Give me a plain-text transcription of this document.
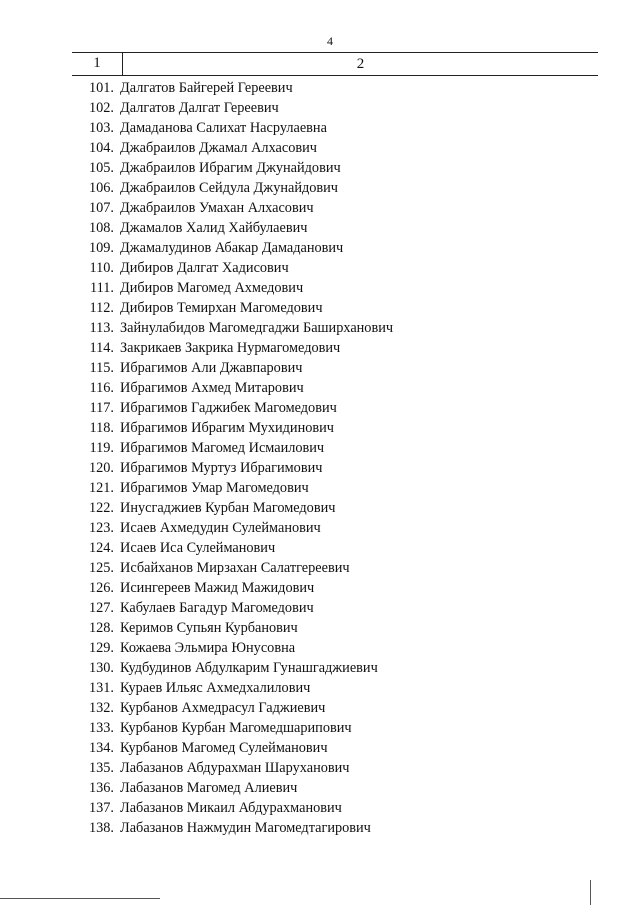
4
1	2
101. Далгатов Байгерей Гереевич
102. Далгатов Далгат Гереевич
103. Дамаданова Салихат Насрулаевна
104. Джабраилов Джамал Алхасович
105. Джабраилов Ибрагим Джунайдович
106. Джабраилов Сейдула Джунайдович
107. Джабраилов Умахан Алхасович
108. Джамалов Халид Хайбулаевич
109. Джамалудинов Абакар Дамаданович
110. Дибиров Далгат Хадисович
111. Дибиров Магомед Ахмедович
112. Дибиров Темирхан Магомедович
113. Зайнулабидов Магомедгаджи Баширханович
114. Закрикаев Закрика Нурмагомедович
115. Ибрагимов Али Джавпарович
116. Ибрагимов Ахмед Митарович
117. Ибрагимов Гаджибек Магомедович
118. Ибрагимов Ибрагим Мухидинович
119. Ибрагимов Магомед Исмаилович
120. Ибрагимов Муртуз Ибрагимович
121. Ибрагимов Умар Магомедович
122. Инусгаджиев Курбан Магомедович
123. Исаев Ахмедудин Сулейманович
124. Исаев Иса Сулейманович
125. Исбайханов Мирзахан Салатгереевич
126. Исингереев Мажид Мажидович
127. Кабулаев Багадур Магомедович
128. Керимов Супьян Курбанович
129. Кожаева Эльмира Юнусовна
130. Кудбудинов Абдулкарим Гунашгаджиевич
131. Кураев Ильяс Ахмедхалилович
132. Курбанов Ахмедрасул Гаджиевич
133. Курбанов Курбан Магомедшарипович
134. Курбанов Магомед Сулейманович
135. Лабазанов Абдурахман Шаруханович
136. Лабазанов Магомед Алиевич
137. Лабазанов Микаил Абдурахманович
138. Лабазанов Нажмудин Магомедтагирович
